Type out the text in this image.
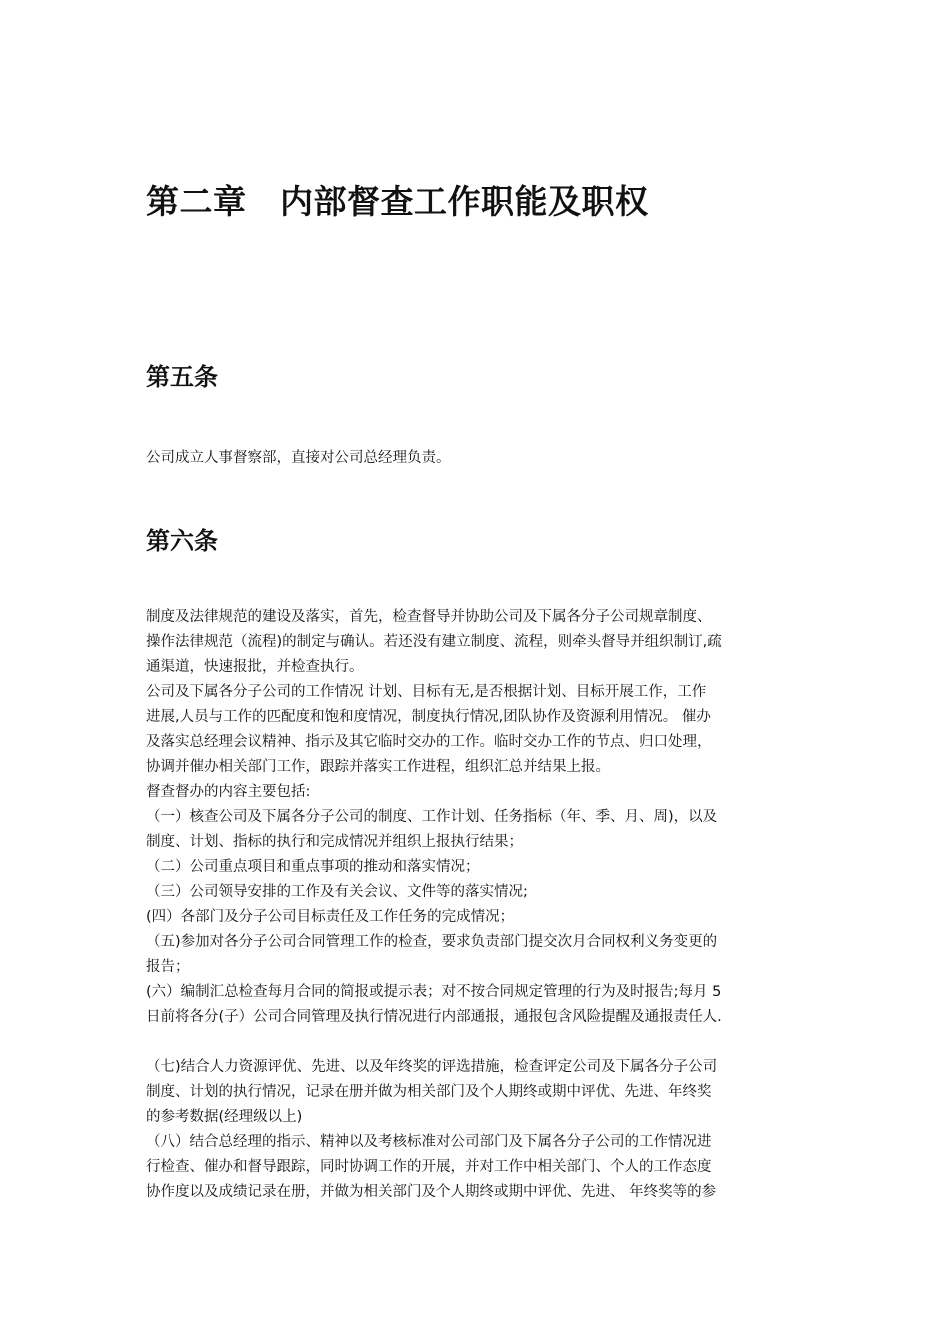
第二章　内部督查工作职能及职权
第五条

公司成立人事督察部，直接对公司总经理负责。

第六条
制度及法律规范的建设及落实，首先，检查督导并协助公司及下属各分子公司规章制度、
操作法律规范（流程)的制定与确认。若还没有建立制度、流程，则牵头督导并组织制订,疏
通渠道，快速报批，并检查执行。
公司及下属各分子公司的工作情况 计划、目标有无,是否根据计划、目标开展工作，工作
进展,人员与工作的匹配度和饱和度情况，制度执行情况,团队协作及资源利用情况。 催办
及落实总经理会议精神、指示及其它临时交办的工作。临时交办工作的节点、归口处理，
协调并催办相关部门工作，跟踪并落实工作进程，组织汇总并结果上报。
督查督办的内容主要包括:
（一）核查公司及下属各分子公司的制度、工作计划、任务指标（年、季、月、周)，以及
制度、计划、指标的执行和完成情况并组织上报执行结果；
（二）公司重点项目和重点事项的推动和落实情况；
（三）公司领导安排的工作及有关会议、文件等的落实情况;
(四）各部门及分子公司目标责任及工作任务的完成情况；
（五)参加对各分子公司合同管理工作的检查，要求负责部门提交次月合同权利义务变更的
报告；
(六）编制汇总检查每月合同的简报或提示表；对不按合同规定管理的行为及时报告;每月 5
日前将各分(子）公司合同管理及执行情况进行内部通报，通报包含风险提醒及通报责任人.
（七)结合人力资源评优、先进、以及年终奖的评选措施，检查评定公司及下属各分子公司
制度、计划的执行情况，记录在册并做为相关部门及个人期终或期中评优、先进、年终奖
的参考数据(经理级以上)
（八）结合总经理的指示、精神以及考核标准对公司部门及下属各分子公司的工作情况进
行检查、催办和督导跟踪，同时协调工作的开展，并对工作中相关部门、个人的工作态度
协作度以及成绩记录在册，并做为相关部门及个人期终或期中评优、先进、 年终奖等的参
